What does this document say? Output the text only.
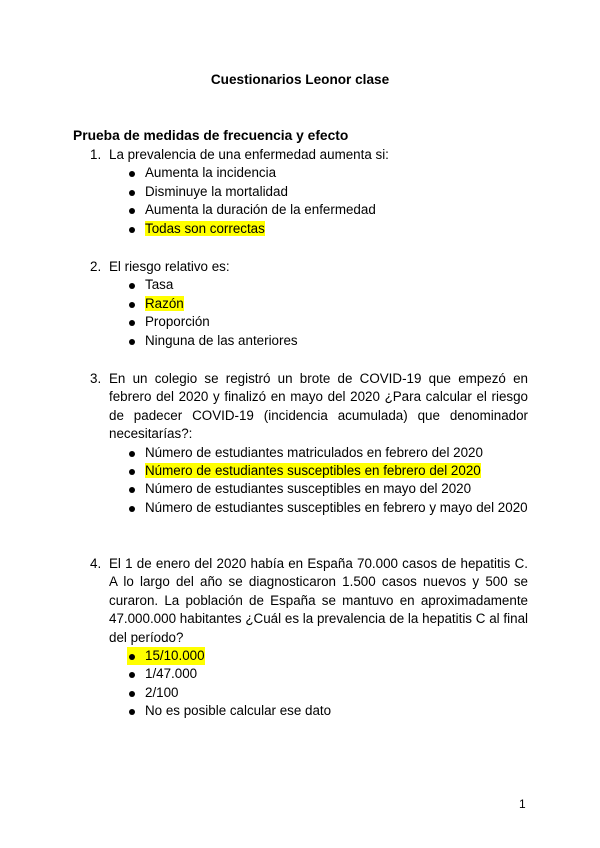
Cuestionarios Leonor clase
Prueba de medidas de frecuencia y efecto
1. La prevalencia de una enfermedad aumenta si:
Aumenta la incidencia
Disminuye la mortalidad
Aumenta la duración de la enfermedad
Todas son correctas
2. El riesgo relativo es:
Tasa
Razón
Proporción
Ninguna de las anteriores
3. En un colegio se registró un brote de COVID-19 que empezó en febrero del 2020 y finalizó en mayo del 2020 ¿Para calcular el riesgo de padecer COVID-19 (incidencia acumulada) que denominador necesitarías?:
Número de estudiantes matriculados en febrero del 2020
Número de estudiantes susceptibles en febrero del 2020
Número de estudiantes susceptibles en mayo del 2020
Número de estudiantes susceptibles en febrero y mayo del 2020
4. El 1 de enero del 2020 había en España 70.000 casos de hepatitis C. A lo largo del año se diagnosticaron 1.500 casos nuevos y 500 se curaron. La población de España se mantuvo en aproximadamente 47.000.000 habitantes ¿Cuál es la prevalencia de la hepatitis C al final del período?
15/10.000
1/47.000
2/100
No es posible calcular ese dato
1
